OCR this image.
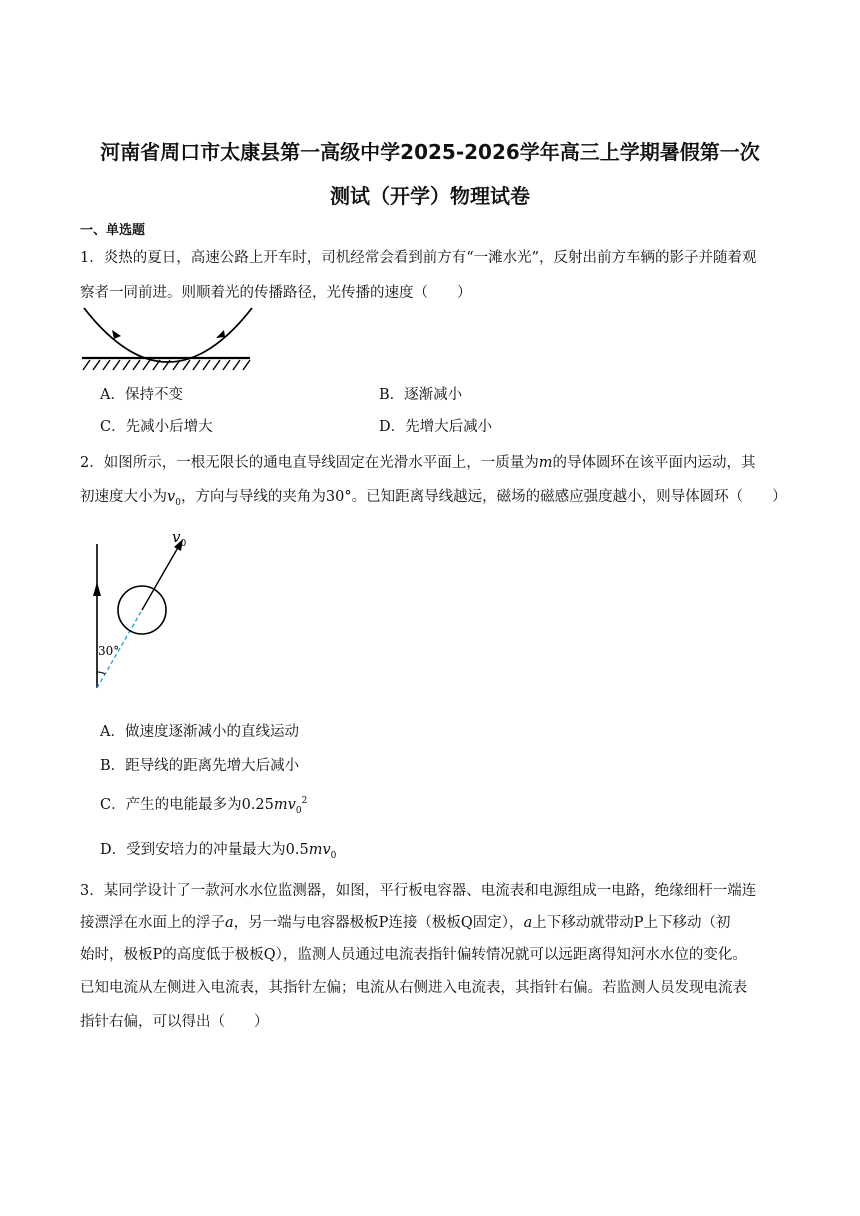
河南省周口市太康县第一高级中学2025-2026学年高三上学期暑假第一次
测试（开学）物理试卷
一、单选题
1．炎热的夏日，高速公路上开车时，司机经常会看到前方有“一滩水光”，反射出前方车辆的影子并随着观
察者一同前进。则顺着光的传播路径，光传播的速度（　　）
A．保持不变	B．逐渐减小
C．先减小后增大	D．先增大后减小
2．如图所示，一根无限长的通电直导线固定在光滑水平面上，一质量为m的导体圆环在该平面内运动，其
初速度大小为$v_0$，方向与导线的夹角为30°。已知距离导线越远，磁场的磁感应强度越小，则导体圆环（　　）
$v_0$
30°
A．做速度逐渐减小的直线运动
B．距导线的距离先增大后减小
C．产生的电能最多为$0.25mv_0^2$
D．受到安培力的冲量最大为$0.5mv_0$
3．某同学设计了一款河水水位监测器，如图，平行板电容器、电流表和电源组成一电路，绝缘细杆一端连
接漂浮在水面上的浮子a，另一端与电容器极板P连接（极板Q固定），a上下移动就带动P上下移动（初
始时，极板P的高度低于极板Q），监测人员通过电流表指针偏转情况就可以远距离得知河水水位的变化。
已知电流从左侧进入电流表，其指针左偏；电流从右侧进入电流表，其指针右偏。若监测人员发现电流表
指针右偏，可以得出（　　）
